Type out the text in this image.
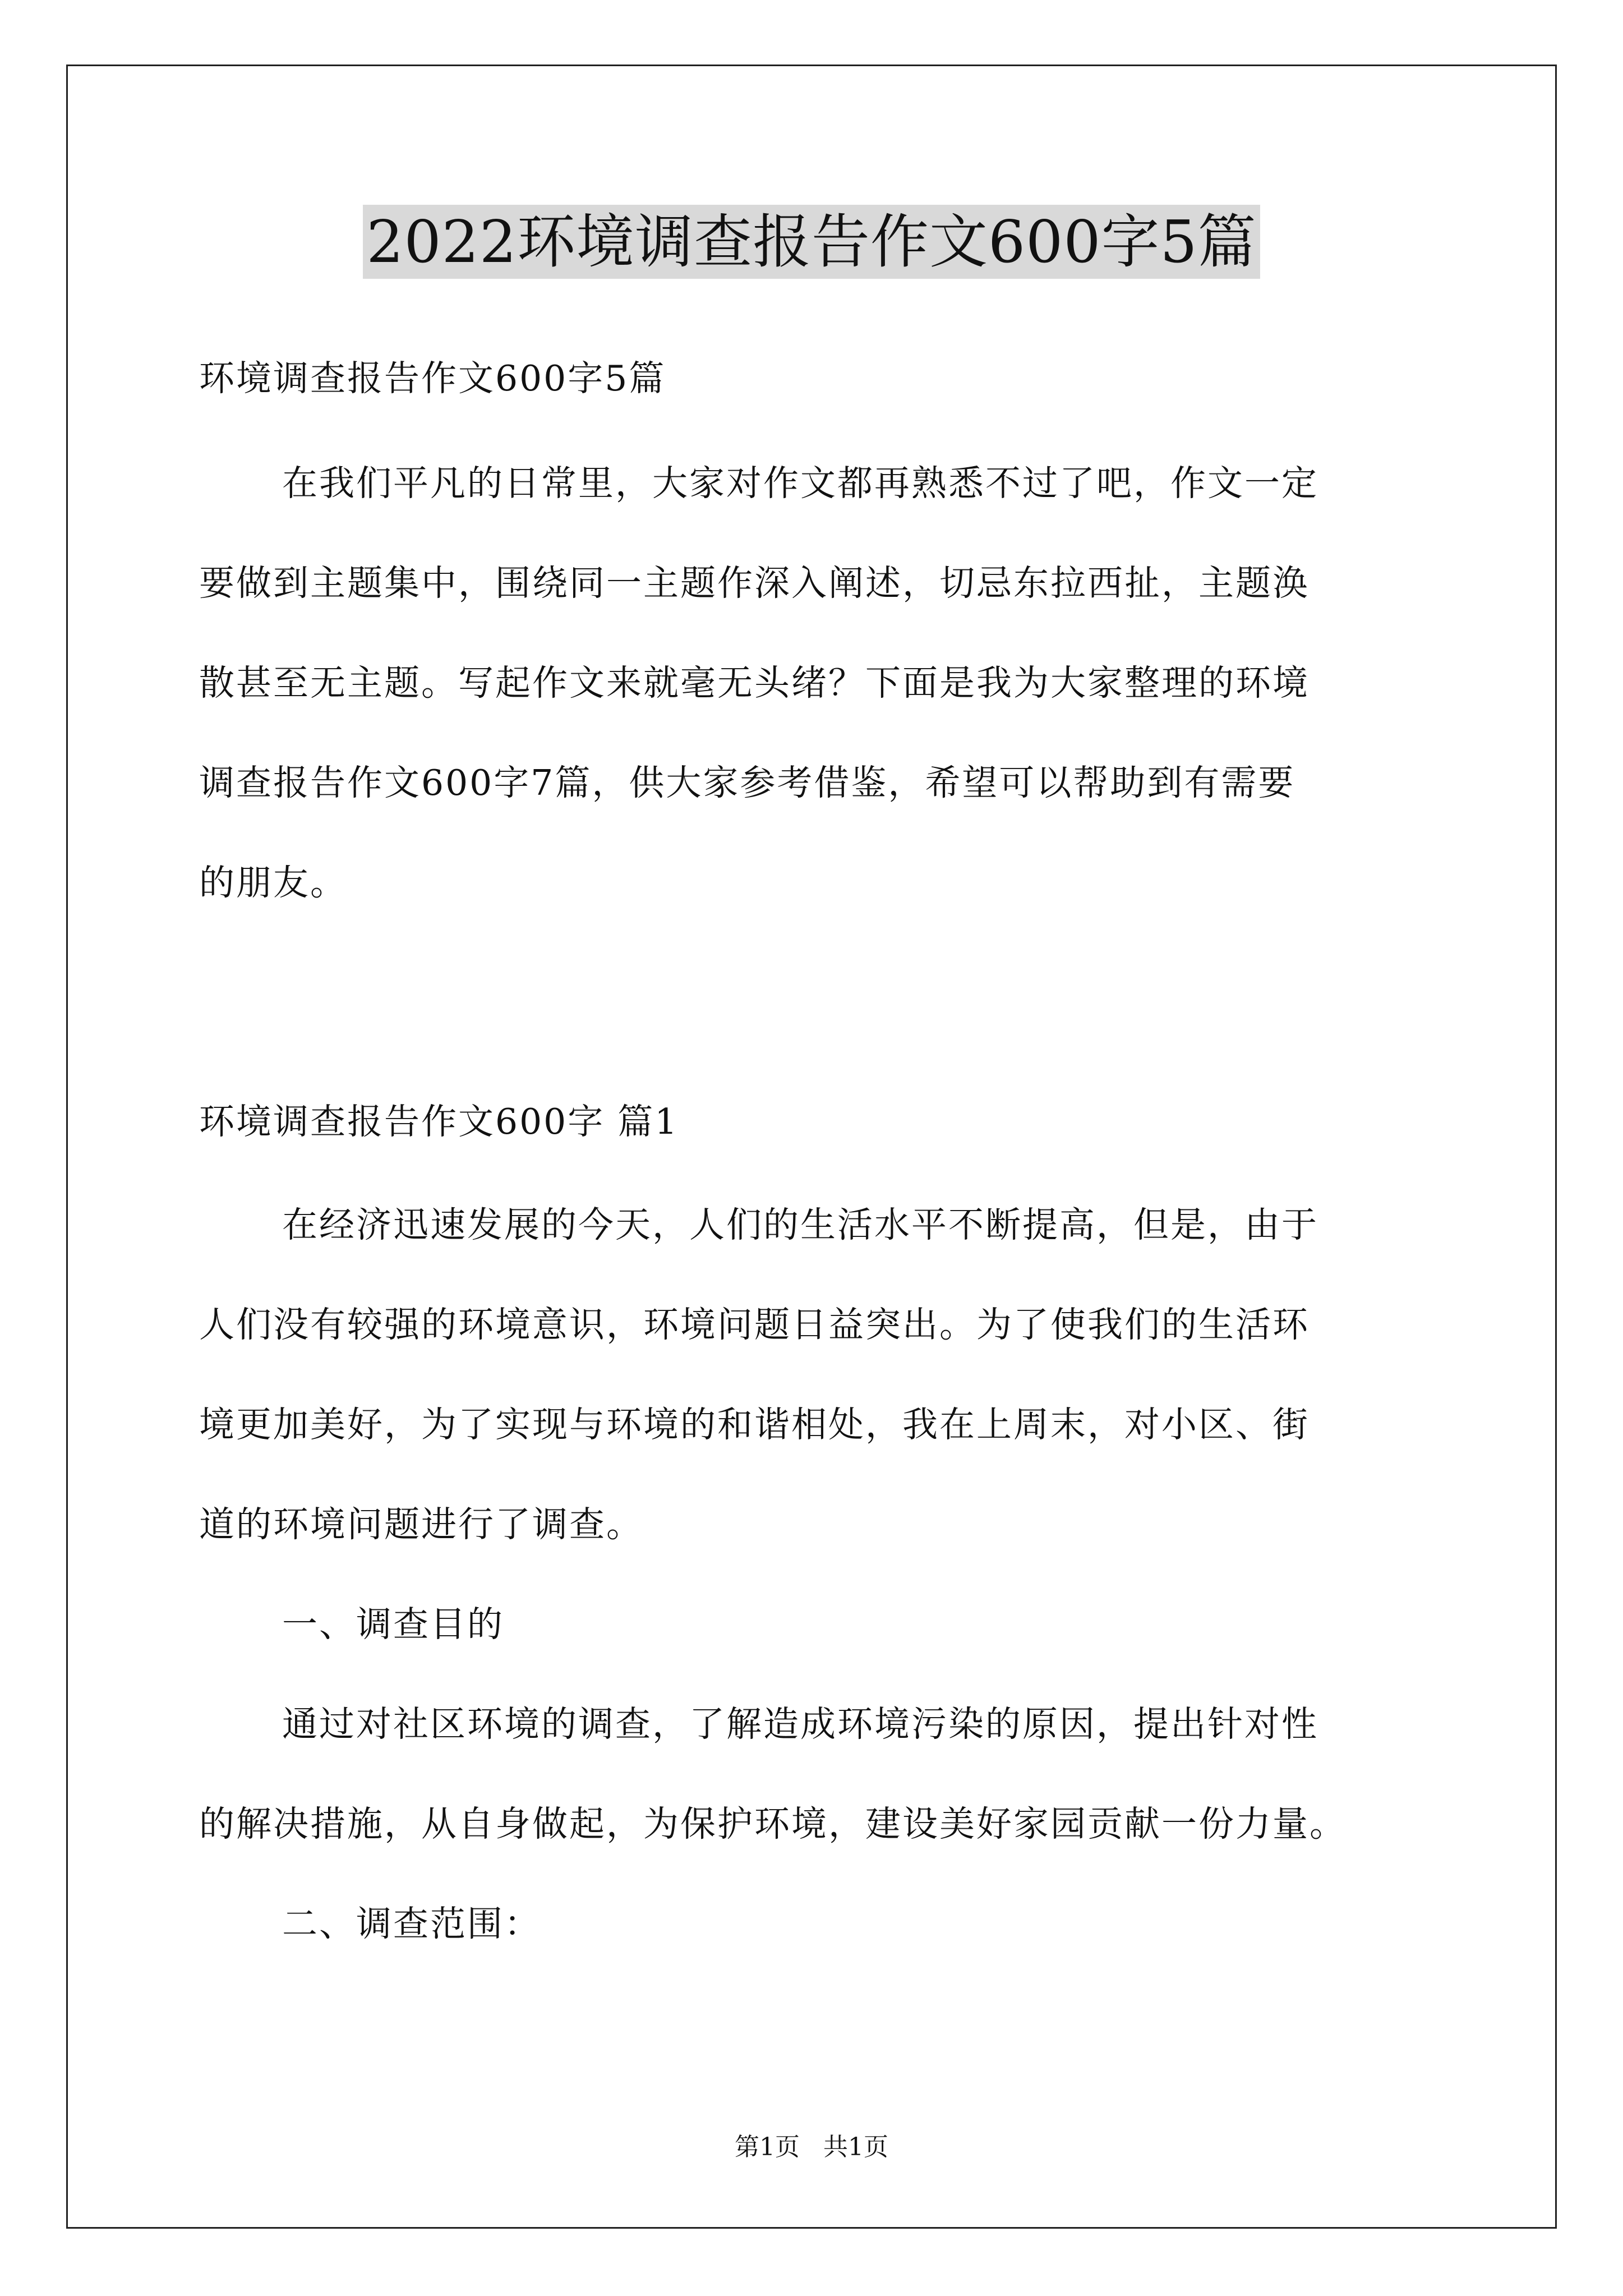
2022环境调查报告作文600字5篇
环境调查报告作文600字5篇
在我们平凡的日常里，大家对作文都再熟悉不过了吧，作文一定
要做到主题集中，围绕同一主题作深入阐述，切忌东拉西扯，主题涣
散甚至无主题。写起作文来就毫无头绪？下面是我为大家整理的环境
调查报告作文600字7篇，供大家参考借鉴，希望可以帮助到有需要
的朋友。
环境调查报告作文600字 篇1
在经济迅速发展的今天，人们的生活水平不断提高，但是，由于
人们没有较强的环境意识，环境问题日益突出。为了使我们的生活环
境更加美好，为了实现与环境的和谐相处，我在上周末，对小区、街
道的环境问题进行了调查。
一、调查目的
通过对社区环境的调查，了解造成环境污染的原因，提出针对性
的解决措施，从自身做起，为保护环境，建设美好家园贡献一份力量。
二、调查范围：
第1页 共1页
